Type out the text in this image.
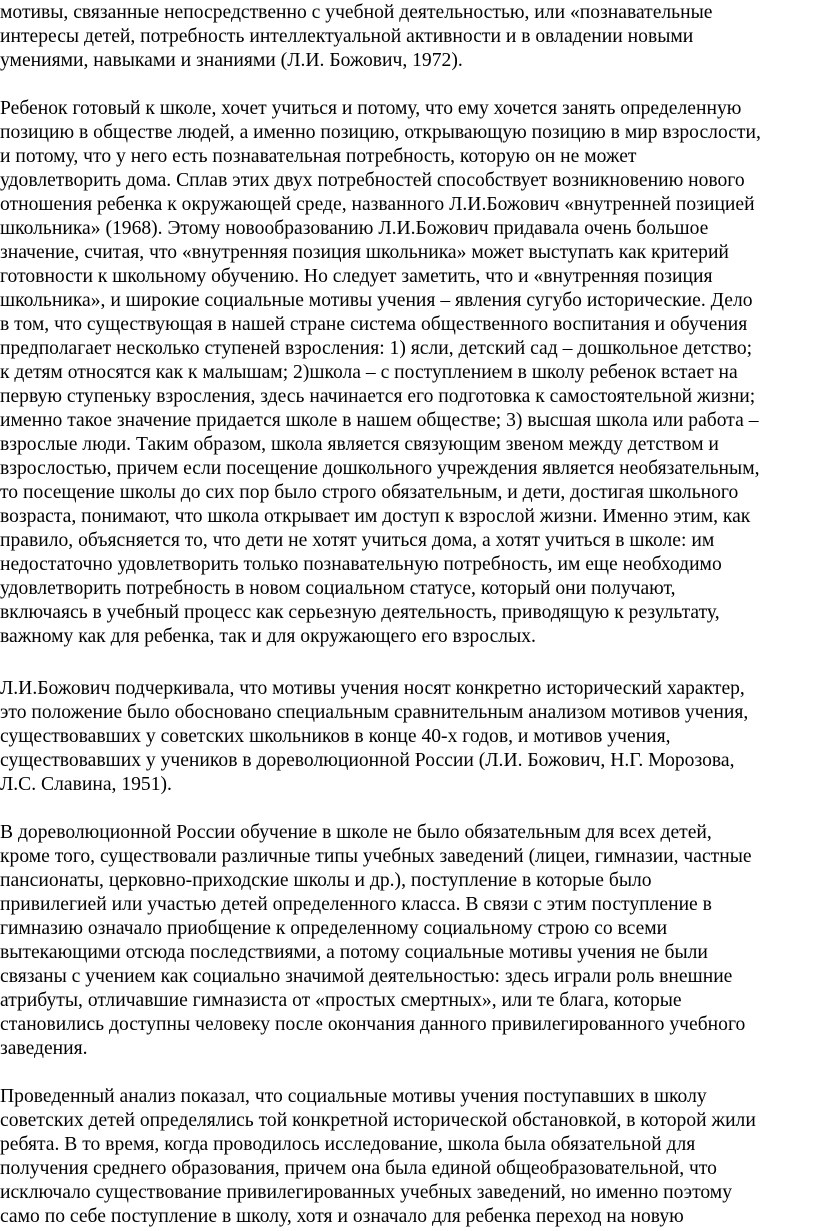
мотивы, связанные непосредственно с учебной деятельностью, или «познавательные
интересы детей, потребность интеллектуальной активности и в овладении новыми
умениями, навыками и знаниями (Л.И. Божович, 1972).

Ребенок готовый к школе, хочет учиться и потому, что ему хочется занять определенную
позицию в обществе людей, а именно позицию, открывающую позицию в мир взрослости,
и потому, что у него есть познавательная потребность, которую он не может
удовлетворить дома. Сплав этих двух потребностей способствует возникновению нового
отношения ребенка к окружающей среде, названного Л.И.Божович «внутренней позицией
школьника» (1968). Этому новообразованию Л.И.Божович придавала очень большое
значение, считая, что «внутренняя позиция школьника» может выступать как критерий
готовности к школьному обучению. Но следует заметить, что и «внутренняя позиция
школьника», и широкие социальные мотивы учения – явления сугубо исторические. Дело
в том, что существующая в нашей стране система общественного воспитания и обучения
предполагает несколько ступеней взросления: 1) ясли, детский сад – дошкольное детство;
к детям относятся как к малышам; 2)школа – с поступлением в школу ребенок встает на
первую ступеньку взросления, здесь начинается его подготовка к самостоятельной жизни;
именно такое значение придается школе в нашем обществе; 3) высшая школа или работа –
взрослые люди. Таким образом, школа является связующим звеном между детством и
взрослостью, причем если посещение дошкольного учреждения является необязательным,
то посещение школы до сих пор было строго обязательным, и дети, достигая школьного
возраста, понимают, что школа открывает им доступ к взрослой жизни. Именно этим, как
правило, объясняется то, что дети не хотят учиться дома, а хотят учиться в школе: им
недостаточно удовлетворить только познавательную потребность, им еще необходимо
удовлетворить потребность в новом социальном статусе, который они получают,
включаясь в учебный процесс как серьезную деятельность, приводящую к результату,
важному как для ребенка, так и для окружающего его взрослых.

Л.И.Божович подчеркивала, что мотивы учения носят конкретно исторический характер,
это положение было обосновано специальным сравнительным анализом мотивов учения,
существовавших у советских школьников в конце 40-х годов, и мотивов учения,
существовавших у учеников в дореволюционной России (Л.И. Божович, Н.Г. Морозова,
Л.С. Славина, 1951).

В дореволюционной России обучение в школе не было обязательным для всех детей,
кроме того, существовали различные типы учебных заведений (лицеи, гимназии, частные
пансионаты, церковно-приходские школы и др.), поступление в которые было
привилегией или участью детей определенного класса. В связи с этим поступление в
гимназию означало приобщение к определенному социальному строю со всеми
вытекающими отсюда последствиями, а потому социальные мотивы учения не были
связаны с учением как социально значимой деятельностью: здесь играли роль внешние
атрибуты, отличавшие гимназиста от «простых смертных», или те блага, которые
становились доступны человеку после окончания данного привилегированного учебного
заведения.

Проведенный анализ показал, что социальные мотивы учения поступавших в школу
советских детей определялись той конкретной исторической обстановкой, в которой жили
ребята. В то время, когда проводилось исследование, школа была обязательной для
получения среднего образования, причем она была единой общеобразовательной, что
исключало существование привилегированных учебных заведений, но именно поэтому
само по себе поступление в школу, хотя и означало для ребенка переход на новую
